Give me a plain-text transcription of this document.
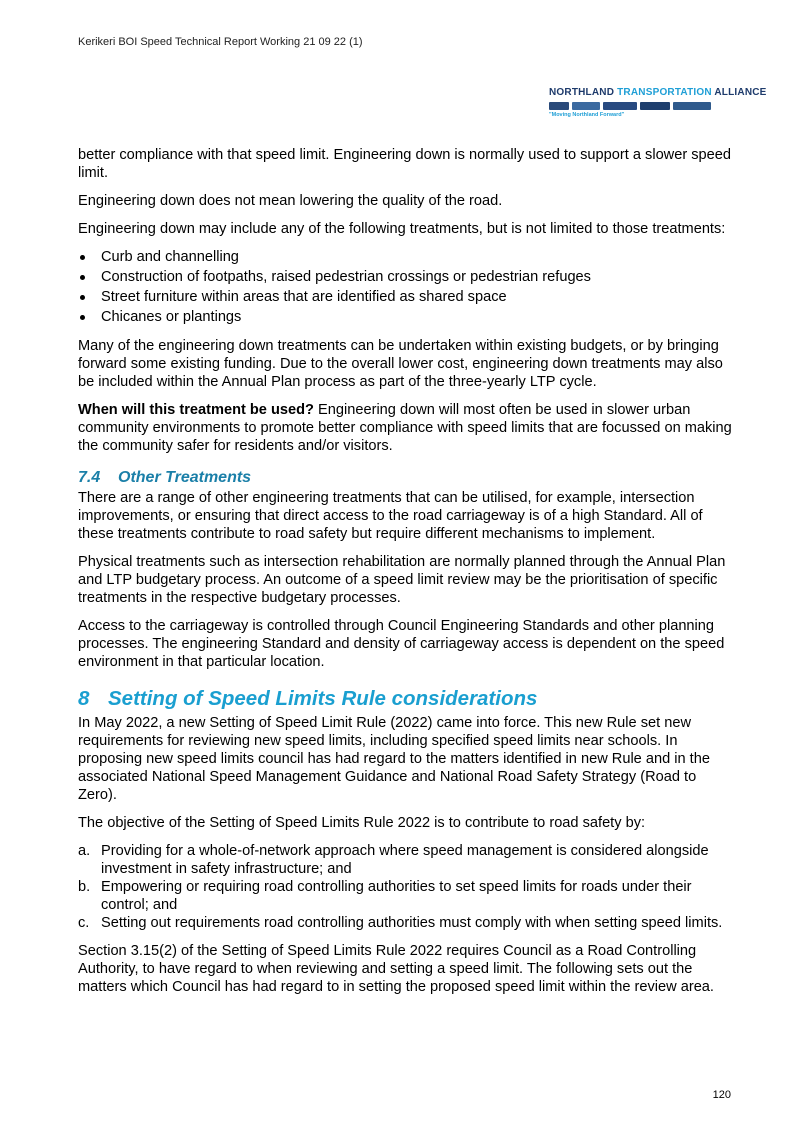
Kerikeri BOI Speed Technical Report Working 21 09 22 (1)
NORTHLAND TRANSPORTATION ALLIANCE
"Moving Northland Forward"

better compliance with that speed limit. Engineering down is normally used to support a slower speed limit.

Engineering down does not mean lowering the quality of the road.

Engineering down may include any of the following treatments, but is not limited to those treatments:

Curb and channelling
Construction of footpaths, raised pedestrian crossings or pedestrian refuges
Street furniture within areas that are identified as shared space
Chicanes or plantings

Many of the engineering down treatments can be undertaken within existing budgets, or by bringing forward some existing funding. Due to the overall lower cost, engineering down treatments may also be included within the Annual Plan process as part of the three-yearly LTP cycle.

When will this treatment be used? Engineering down will most often be used in slower urban community environments to promote better compliance with speed limits that are focussed on making the community safer for residents and/or visitors.

7.4 Other Treatments

There are a range of other engineering treatments that can be utilised, for example, intersection improvements, or ensuring that direct access to the road carriageway is of a high Standard. All of these treatments contribute to road safety but require different mechanisms to implement.

Physical treatments such as intersection rehabilitation are normally planned through the Annual Plan and LTP budgetary process. An outcome of a speed limit review may be the prioritisation of specific treatments in the respective budgetary processes.

Access to the carriageway is controlled through Council Engineering Standards and other planning processes. The engineering Standard and density of carriageway access is dependent on the speed environment in that particular location.

8 Setting of Speed Limits Rule considerations

In May 2022, a new Setting of Speed Limit Rule (2022) came into force. This new Rule set new requirements for reviewing new speed limits, including specified speed limits near schools. In proposing new speed limits council has had regard to the matters identified in new Rule and in the associated National Speed Management Guidance and National Road Safety Strategy (Road to Zero).

The objective of the Setting of Speed Limits Rule 2022 is to contribute to road safety by:

a. Providing for a whole-of-network approach where speed management is considered alongside investment in safety infrastructure; and
b. Empowering or requiring road controlling authorities to set speed limits for roads under their control; and
c. Setting out requirements road controlling authorities must comply with when setting speed limits.

Section 3.15(2) of the Setting of Speed Limits Rule 2022 requires Council as a Road Controlling Authority, to have regard to when reviewing and setting a speed limit. The following sets out the matters which Council has had regard to in setting the proposed speed limit within the review area.

120
